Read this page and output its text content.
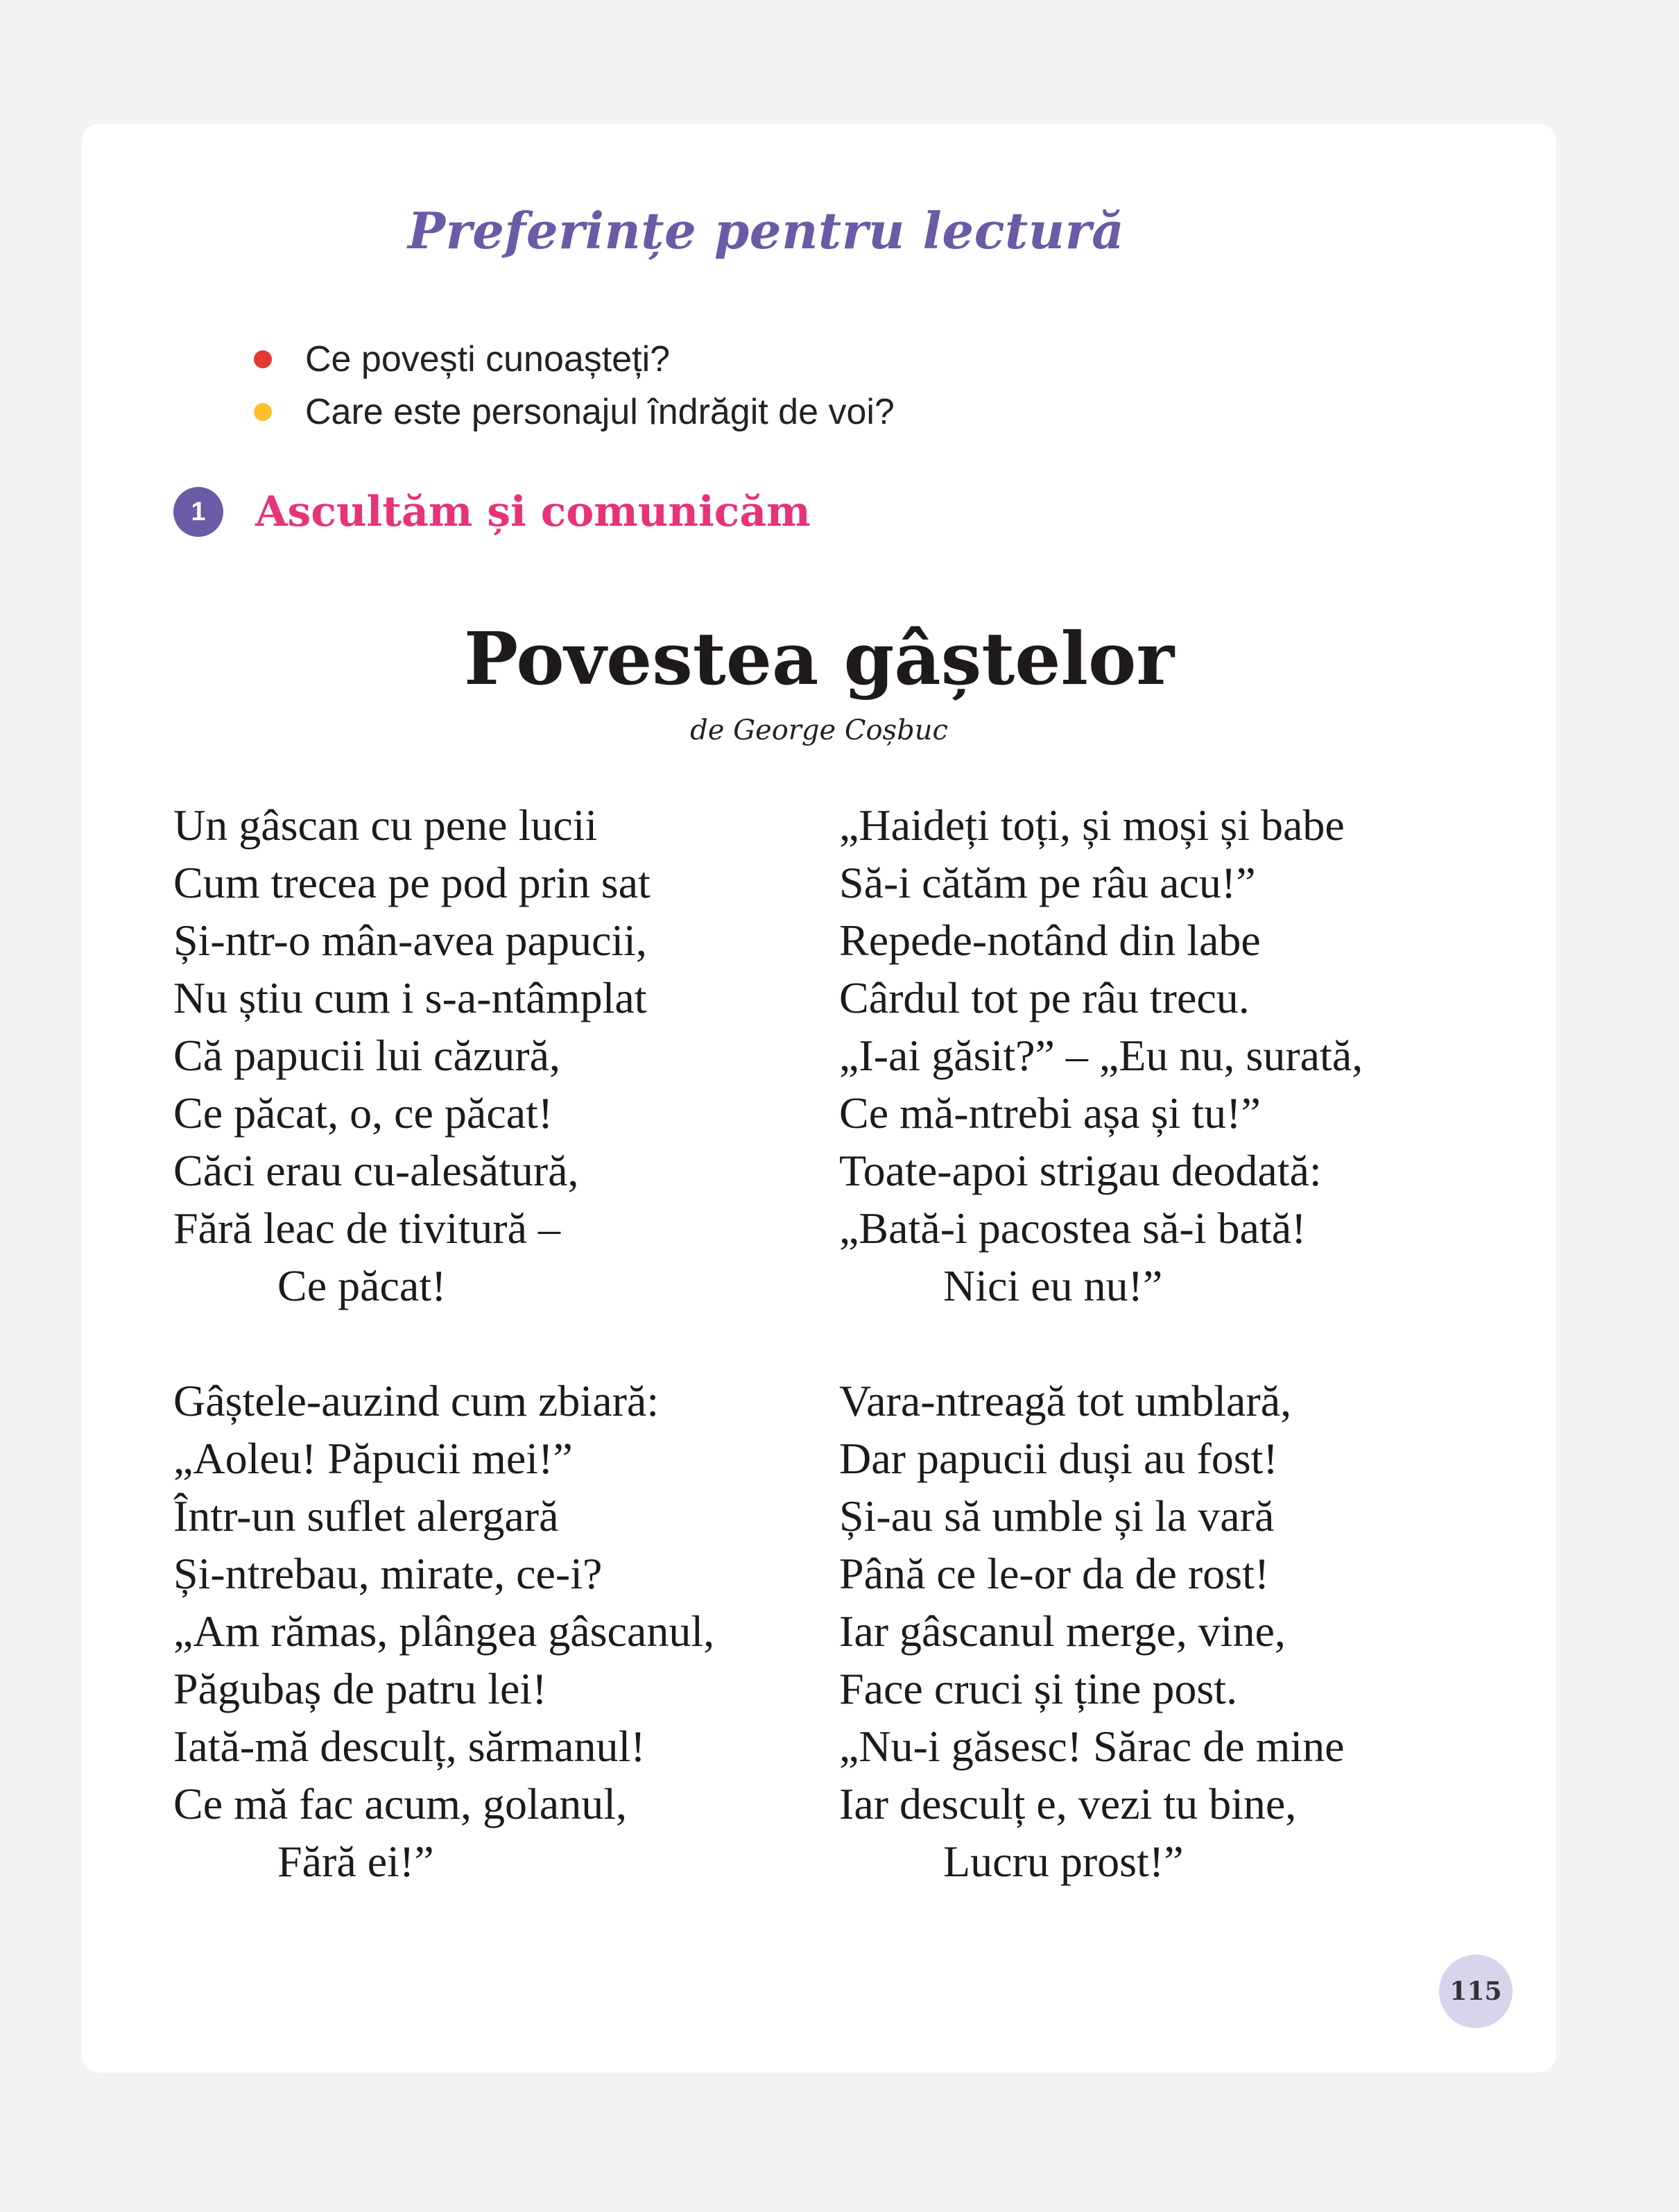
Preferințe pentru lectură
Ce povești cunoașteți?
Care este personajul îndrăgit de voi?
1	Ascultăm și comunicăm
Povestea gâștelor
de George Coșbuc
Un gâscan cu pene lucii
Cum trecea pe pod prin sat
Și-ntr-o mân-avea papucii,
Nu știu cum i s-a-ntâmplat
Că papucii lui căzură,
Ce păcat, o, ce păcat!
Căci erau cu-alesătură,
Fără leac de tivitură –
Ce păcat!
Gâștele-auzind cum zbiară:
„Aoleu! Păpucii mei!”
Într-un suflet alergară
Și-ntrebau, mirate, ce-i?
„Am rămas, plângea gâscanul,
Păgubaș de patru lei!
Iată-mă desculț, sărmanul!
Ce mă fac acum, golanul,
Fără ei!”
„Haideți toți, și moși și babe
Să-i cătăm pe râu acu!”
Repede-notând din labe
Cârdul tot pe râu trecu.
„I-ai găsit?” – „Eu nu, surată,
Ce mă-ntrebi așa și tu!”
Toate-apoi strigau deodată:
„Bată-i pacostea să-i bată!
Nici eu nu!”
Vara-ntreagă tot umblară,
Dar papucii duși au fost!
Și-au să umble și la vară
Până ce le-or da de rost!
Iar gâscanul merge, vine,
Face cruci și ține post.
„Nu-i găsesc! Sărac de mine
Iar desculț e, vezi tu bine,
Lucru prost!”
115
